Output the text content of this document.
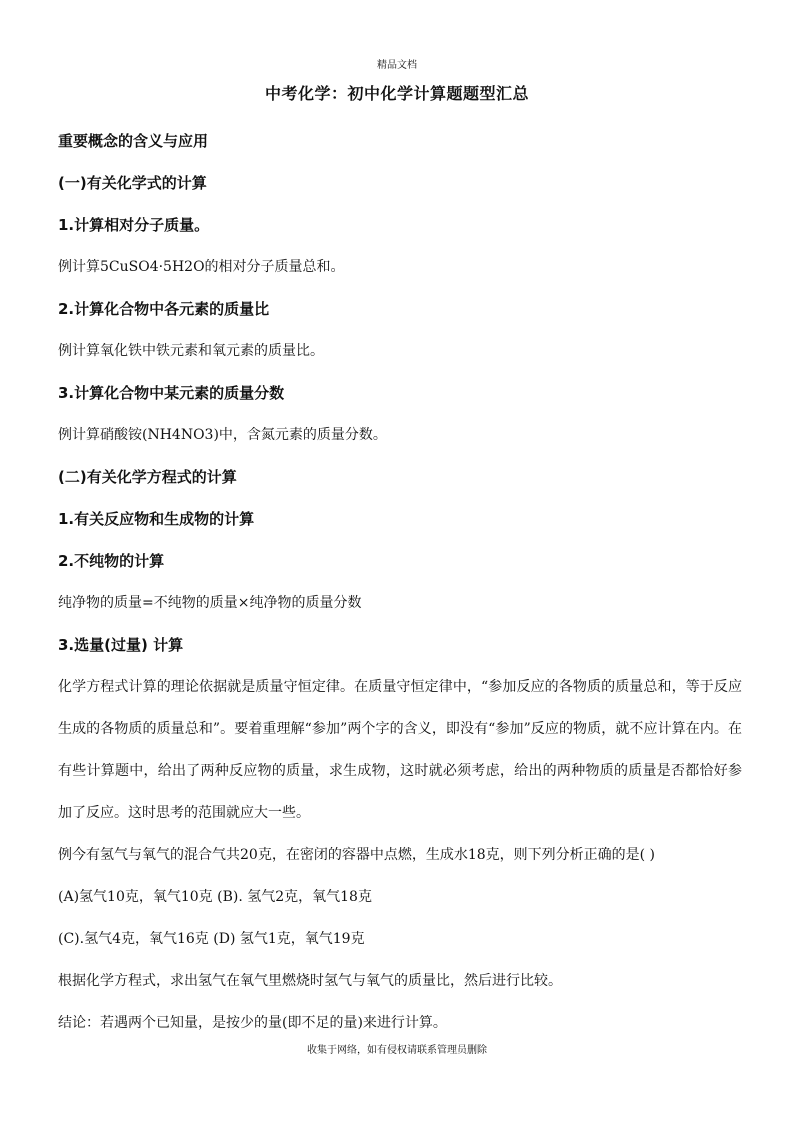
精品文档
中考化学：初中化学计算题题型汇总
重要概念的含义与应用
(一)有关化学式的计算
1.计算相对分子质量。
例计算5CuSO4·5H2O的相对分子质量总和。
2.计算化合物中各元素的质量比
例计算氧化铁中铁元素和氧元素的质量比。
3.计算化合物中某元素的质量分数
例计算硝酸铵(NH4NO3)中，含氮元素的质量分数。
(二)有关化学方程式的计算
1.有关反应物和生成物的计算
2.不纯物的计算
纯净物的质量=不纯物的质量×纯净物的质量分数
3.选量(过量) 计算
化学方程式计算的理论依据就是质量守恒定律。在质量守恒定律中，“参加反应的各物质的质量总和，等于反应生成的各物质的质量总和”。要着重理解“参加”两个字的含义，即没有“参加”反应的物质，就不应计算在内。在有些计算题中，给出了两种反应物的质量，求生成物，这时就必须考虑，给出的两种物质的质量是否都恰好参加了反应。这时思考的范围就应大一些。
例今有氢气与氧气的混合气共20克，在密闭的容器中点燃，生成水18克，则下列分析正确的是( )
(A)氢气10克，氧气10克 (B). 氢气2克，氧气18克
(C).氢气4克，氧气16克 (D) 氢气1克，氧气19克
根据化学方程式，求出氢气在氧气里燃烧时氢气与氧气的质量比，然后进行比较。
结论：若遇两个已知量，是按少的量(即不足的量)来进行计算。
收集于网络，如有侵权请联系管理员删除
